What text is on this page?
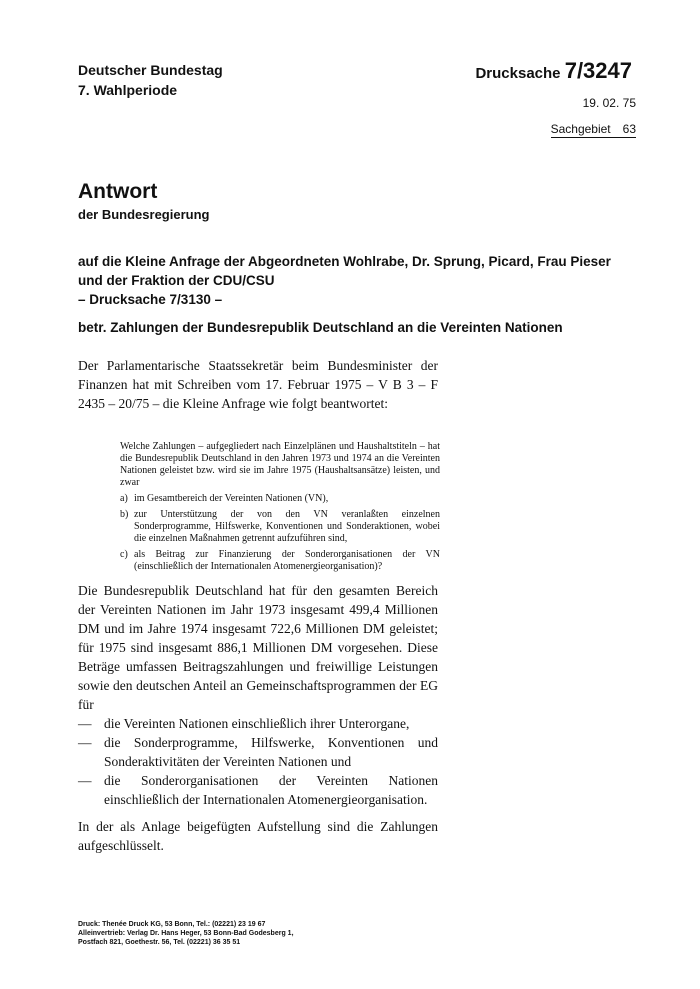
Deutscher Bundestag
7. Wahlperiode
Drucksache 7/3247
19. 02. 75
Sachgebiet 63
Antwort
der Bundesregierung
auf die Kleine Anfrage der Abgeordneten Wohlrabe, Dr. Sprung, Picard, Frau Pieser
und der Fraktion der CDU/CSU
– Drucksache 7/3130 –
betr. Zahlungen der Bundesrepublik Deutschland an die Vereinten Nationen
Der Parlamentarische Staatssekretär beim Bundesminister der Finanzen hat mit Schreiben vom 17. Februar 1975 – V B 3 – F 2435 – 20/75 – die Kleine Anfrage wie folgt beantwortet:

Welche Zahlungen – aufgegliedert nach Einzelplänen und Haushaltstiteln – hat die Bundesrepublik Deutschland in den Jahren 1973 und 1974 an die Vereinten Nationen geleistet bzw. wird sie im Jahre 1975 (Haushaltsansätze) leisten, und zwar

a) im Gesamtbereich der Vereinten Nationen (VN),
b) zur Unterstützung der von den VN veranlaßten einzelnen Sonderprogramme, Hilfswerke, Konventionen und Sonderaktionen, wobei die einzelnen Maßnahmen getrennt aufzuführen sind,
c) als Beitrag zur Finanzierung der Sonderorganisationen der VN (einschließlich der Internationalen Atomenergieorganisation)?

Die Bundesrepublik Deutschland hat für den gesamten Bereich der Vereinten Nationen im Jahr 1973 insgesamt 499,4 Millionen DM und im Jahre 1974 insgesamt 722,6 Millionen DM geleistet; für 1975 sind insgesamt 886,1 Millionen DM vorgesehen. Diese Beträge umfassen Beitragszahlungen und freiwillige Leistungen sowie den deutschen Anteil an Gemeinschaftsprogrammen der EG für

— die Vereinten Nationen einschließlich ihrer Unterorgane,
— die Sonderprogramme, Hilfswerke, Konventionen und Sonderaktivitäten der Vereinten Nationen und
— die Sonderorganisationen der Vereinten Nationen einschließlich der Internationalen Atomenergieorganisation.

In der als Anlage beigefügten Aufstellung sind die Zahlungen aufgeschlüsselt.

Druck: Thenée Druck KG, 53 Bonn, Tel.: (02221) 23 19 67
Alleinvertrieb: Verlag Dr. Hans Heger, 53 Bonn-Bad Godesberg 1,
Postfach 821, Goethestr. 56, Tel. (02221) 36 35 51
